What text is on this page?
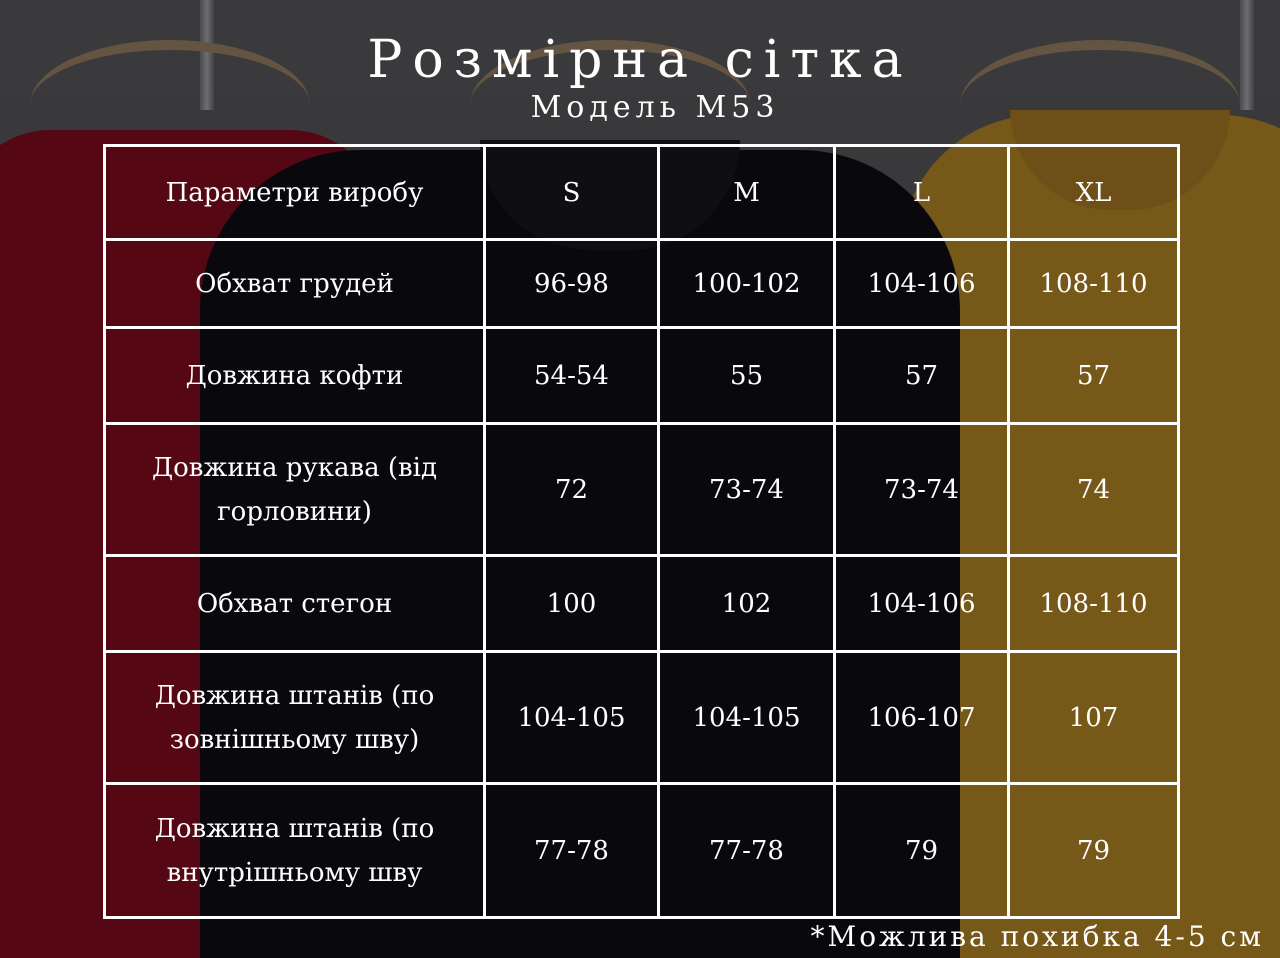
Розмірна сітка
Модель М53
Параметри виробу	S	M	L	XL
Обхват грудей	96-98	100-102	104-106	108-110
Довжина кофти	54-54	55	57	57
Довжина рукава (від горловини)	72	73-74	73-74	74
Обхват стегон	100	102	104-106	108-110
Довжина штанів (по зовнішньому шву)	104-105	104-105	106-107	107
Довжина штанів (по внутрішньому шву	77-78	77-78	79	79
*Можлива похибка 4-5 см
